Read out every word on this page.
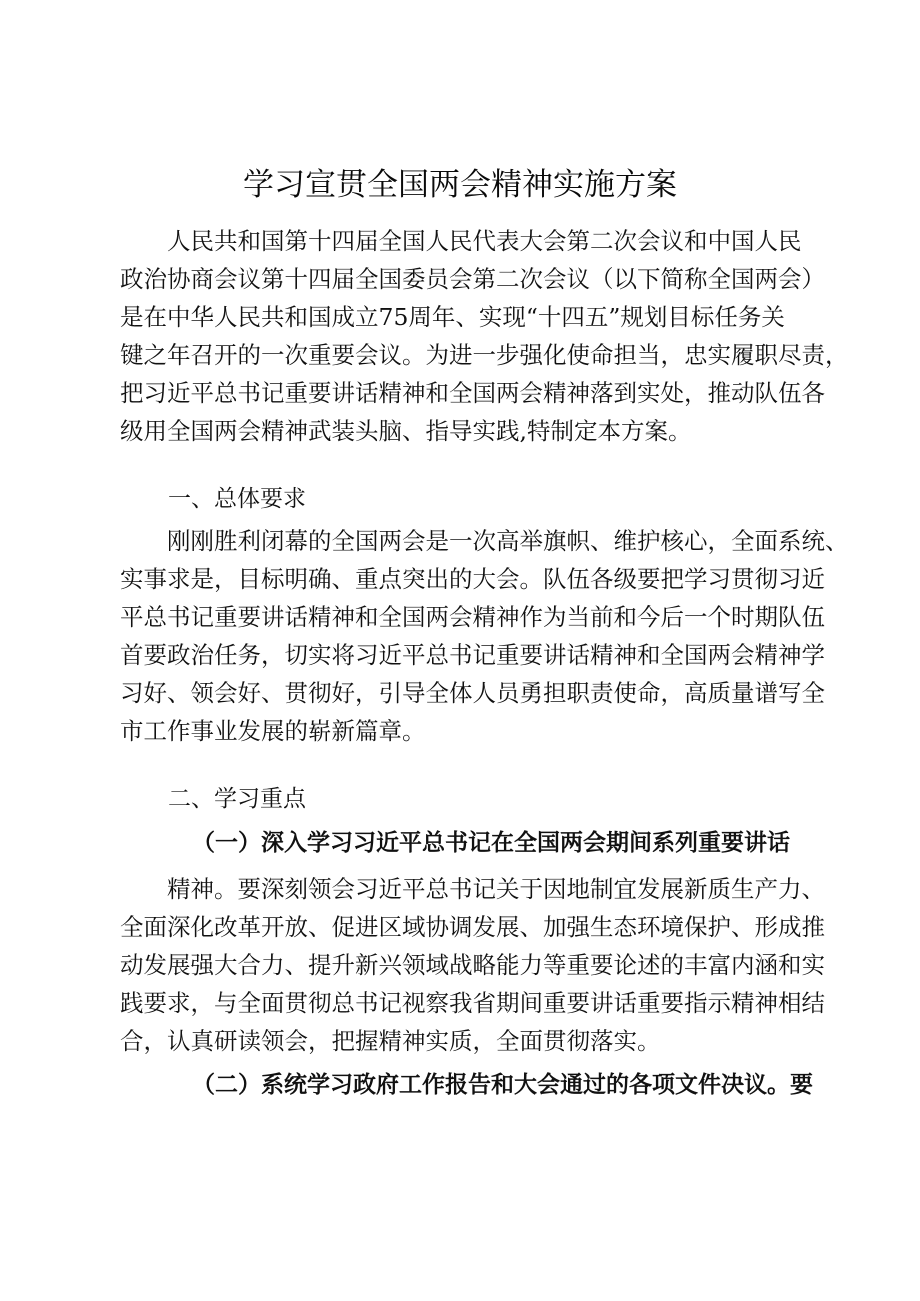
学习宣贯全国两会精神实施方案
　　人民共和国第十四届全国人民代表大会第二次会议和中国人民
政治协商会议第十四届全国委员会第二次会议（以下简称全国两会）
是在中华人民共和国成立75周年、实现“十四五”规划目标任务关
键之年召开的一次重要会议。为进一步强化使命担当，忠实履职尽责，
把习近平总书记重要讲话精神和全国两会精神落到实处，推动队伍各
级用全国两会精神武装头脑、指导实践,特制定本方案。
一、总体要求
　　刚刚胜利闭幕的全国两会是一次高举旗帜、维护核心，全面系统、
实事求是，目标明确、重点突出的大会。队伍各级要把学习贯彻习近
平总书记重要讲话精神和全国两会精神作为当前和今后一个时期队伍
首要政治任务，切实将习近平总书记重要讲话精神和全国两会精神学
习好、领会好、贯彻好，引导全体人员勇担职责使命，高质量谱写全
市工作事业发展的崭新篇章。
二、学习重点
（一）深入学习习近平总书记在全国两会期间系列重要讲话
　　精神。要深刻领会习近平总书记关于因地制宜发展新质生产力、
全面深化改革开放、促进区域协调发展、加强生态环境保护、形成推
动发展强大合力、提升新兴领域战略能力等重要论述的丰富内涵和实
践要求，与全面贯彻总书记视察我省期间重要讲话重要指示精神相结
合，认真研读领会，把握精神实质，全面贯彻落实。
（二）系统学习政府工作报告和大会通过的各项文件决议。要
